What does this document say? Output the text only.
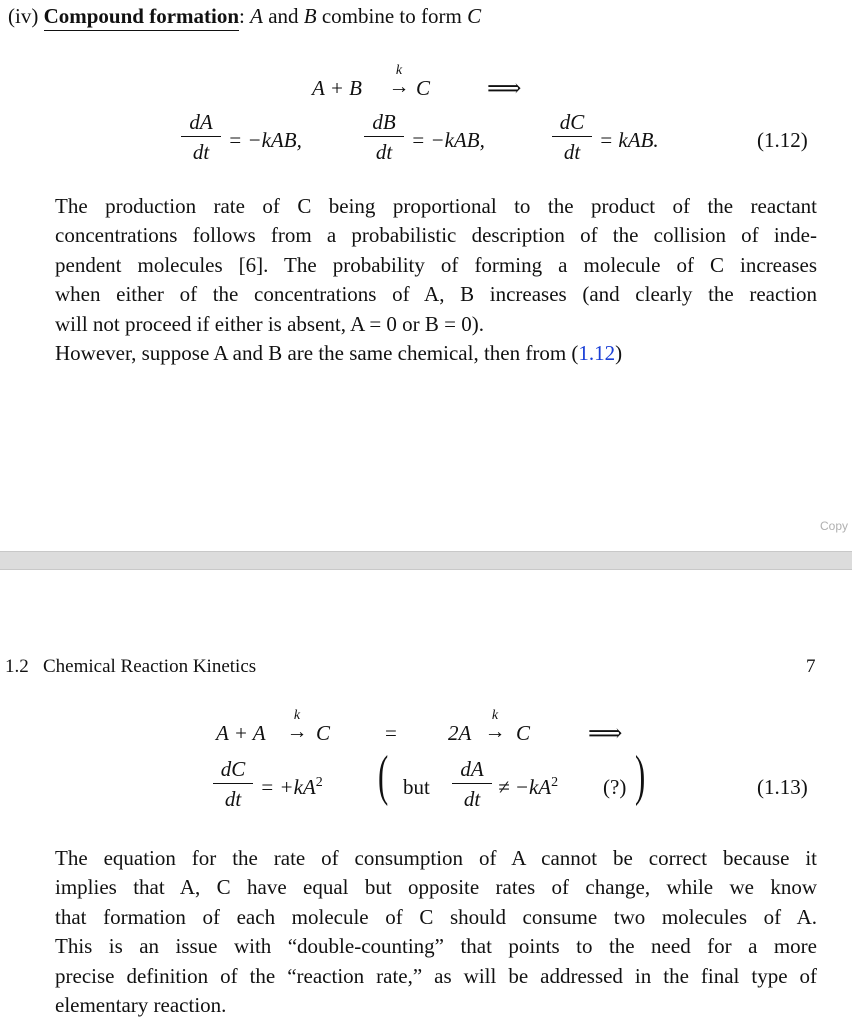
(iv) Compound formation: A and B combine to form C
A + B
k
→ C ⟹
dA
dt = −kAB,
dB
dt = −kAB,
dC
dt = kAB.	(1.12)
The production rate of C being proportional to the product of the reactant
concentrations follows from a probabilistic description of the collision of inde-
pendent molecules [6]. The probability of forming a molecule of C increases
when either of the concentrations of A, B increases (and clearly the reaction
will not proceed if either is absent, A = 0 or B = 0).
However, suppose A and B are the same chemical, then from (1.12)
Copy
1.2   Chemical Reaction Kinetics	7
A + A
k
→ C	= 2A
k
→ C ⟹
dC
dt = $+kA^2$ ( but
dA
dt ≠ $-kA^2$ (?) )	(1.13)
The equation for the rate of consumption of A cannot be correct because it
implies that A, C have equal but opposite rates of change, while we know
that formation of each molecule of C should consume two molecules of A.
This is an issue with “double-counting” that points to the need for a more
precise definition of the “reaction rate,” as will be addressed in the final type of
elementary reaction.
